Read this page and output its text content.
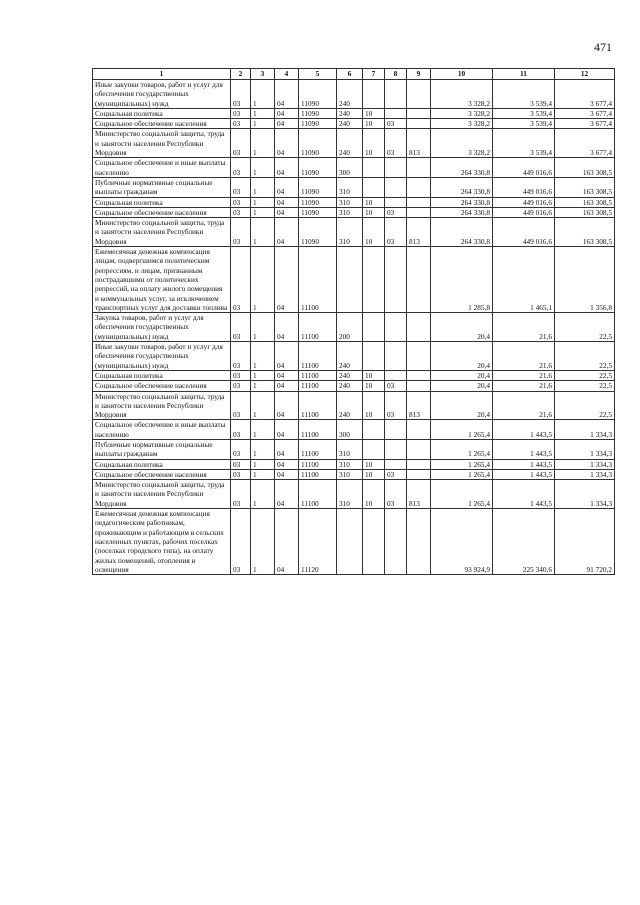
471
1	2	3	4	5	6	7	8	9	10	11	12
Иные закупки товаров, работ и услуг для обеспечения государственных (муниципальных) нужд	03	1	04	11090	240				3 328,2	3 539,4	3 677,4
Социальная политика	03	1	04	11090	240	10			3 328,2	3 539,4	3 677,4
Социальное обеспечение населения	03	1	04	11090	240	10	03		3 328,2	3 539,4	3 677,4
Министерство социальной защиты, труда и занятости населения Республики Мордовия	03	1	04	11090	240	10	03	813	3 328,2	3 539,4	3 677,4
Социальное обеспечение и иные выплаты населению	03	1	04	11090	300				264 330,8	449 016,6	163 308,5
Публичные нормативные социальные выплаты гражданам	03	1	04	11090	310				264 330,8	449 016,6	163 308,5
Социальная политика	03	1	04	11090	310	10			264 330,8	449 016,6	163 308,5
Социальное обеспечение населения	03	1	04	11090	310	10	03		264 330,8	449 016,6	163 308,5
Министерство социальной защиты, труда и занятости населения Республики Мордовия	03	1	04	11090	310	10	03	813	264 330,8	449 016,6	163 308,5
Ежемесячная денежная компенсация лицам, подвергшимся политическим репрессиям, и лицам, признанным пострадавшими от политических репрессий, на оплату жилого помещения и коммунальных услуг, за исключением транспортных услуг для доставки топлива	03	1	04	11100					1 285,8	1 465,1	1 356,8
Закупка товаров, работ и услуг для обеспечения государственных (муниципальных) нужд	03	1	04	11100	200				20,4	21,6	22,5
Иные закупки товаров, работ и услуг для обеспечения государственных (муниципальных) нужд	03	1	04	11100	240				20,4	21,6	22,5
Социальная политика	03	1	04	11100	240	10			20,4	21,6	22,5
Социальное обеспечение населения	03	1	04	11100	240	10	03		20,4	21,6	22,5
Министерство социальной защиты, труда и занятости населения Республики Мордовия	03	1	04	11100	240	10	03	813	20,4	21,6	22,5
Социальное обеспечение и иные выплаты населению	03	1	04	11100	300				1 265,4	1 443,5	1 334,3
Публичные нормативные социальные выплаты гражданам	03	1	04	11100	310				1 265,4	1 443,5	1 334,3
Социальная политика	03	1	04	11100	310	10			1 265,4	1 443,5	1 334,3
Социальное обеспечение населения	03	1	04	11100	310	10	03		1 265,4	1 443,5	1 334,3
Министерство социальной защиты, труда и занятости населения Республики Мордовия	03	1	04	11100	310	10	03	813	1 265,4	1 443,5	1 334,3
Ежемесячная денежная компенсация педагогическим работникам, проживающим и работающим в сельских населенных пунктах, рабочих поселках (поселках городского типа), на оплату жилых помещений, отопления и освещения	03	1	04	11120					93 924,9	225 340,6	91 720,2
